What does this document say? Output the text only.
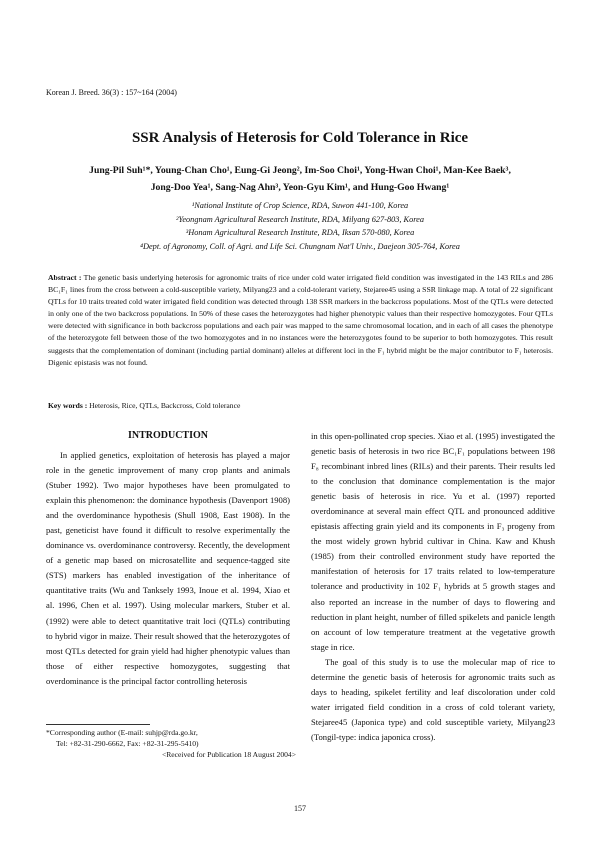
Korean J. Breed. 36(3) : 157~164 (2004)
SSR Analysis of Heterosis for Cold Tolerance in Rice
Jung-Pil Suh¹*, Young-Chan Cho¹, Eung-Gi Jeong², Im-Soo Choi¹, Yong-Hwan Choi¹, Man-Kee Baek³,
Jong-Doo Yea¹, Sang-Nag Ahn³, Yeon-Gyu Kim¹, and Hung-Goo Hwang¹
¹National Institute of Crop Science, RDA, Suwon 441-100, Korea
²Yeongnam Agricultural Research Institute, RDA, Milyang 627-803, Korea
³Honam Agricultural Research Institute, RDA, Iksan 570-080, Korea
⁴Dept. of Agronomy, Coll. of Agri. and Life Sci. Chungnam Nat'l Univ., Daejeon 305-764, Korea
Abstract : The genetic basis underlying heterosis for agronomic traits of rice under cold water irrigated field condition was investigated in the 143 RILs and 286 BC₁F₁ lines from the cross between a cold-susceptible variety, Milyang23 and a cold-tolerant variety, Stejaree45 using a SSR linkage map. A total of 22 significant QTLs for 10 traits treated cold water irrigated field condition was detected through 138 SSR markers in the backcross populations. Most of the QTLs were detected in only one of the two backcross populations. In 50% of these cases the heterozygotes had higher phenotypic values than their respective homozygotes. Four QTLs were detected with significance in both backcross populations and each pair was mapped to the same chromosomal location, and in each of all cases the phenotype of the heterozygote fell between those of the two homozygotes and in no instances were the heterozygotes found to be superior to both homozygotes. This result suggests that the complementation of dominant (including partial dominant) alleles at different loci in the F₁ hybrid might be the major contributor to F₁ heterosis. Digenic epistasis was not found.
Key words : Heterosis, Rice, QTLs, Backcross, Cold tolerance
INTRODUCTION

In applied genetics, exploitation of heterosis has played a major role in the genetic improvement of many crop plants and animals (Stuber 1992). Two major hypotheses have been promulgated to explain this phenomenon: the dominance hypothesis (Davenport 1908) and the overdominance hypothesis (Shull 1908, East 1908). In the past, geneticist have found it difficult to resolve experimentally the dominance vs. overdominance controversy. Recently, the development of a genetic map based on microsatellite and sequence-tagged site (STS) markers has enabled investigation of the inheritance of quantitative traits (Wu and Tanksely 1993, Inoue et al. 1994, Xiao et al. 1996, Chen et al. 1997). Using molecular markers, Stuber et al. (1992) were able to detect quantitative trait loci (QTLs) contributing to hybrid vigor in maize. Their result showed that the heterozygotes of most QTLs detected for grain yield had higher phenotypic values than those of either respective homozygotes, suggesting that overdominance is the principal factor controlling heterosis

in this open-pollinated crop species. Xiao et al. (1995) investigated the genetic basis of heterosis in two rice BC₁F₁ populations between 198 F₈ recombinant inbred lines (RILs) and their parents. Their results led to the conclusion that dominance complementation is the major genetic basis of heterosis in rice. Yu et al. (1997) reported overdominance at several main effect QTL and pronounced additive epistasis affecting grain yield and its components in F₃ progeny from the most widely grown hybrid cultivar in China. Kaw and Khush (1985) from their controlled environment study have reported the manifestation of heterosis for 17 traits related to low-temperature tolerance and productivity in 102 F₁ hybrids at 5 growth stages and also reported an increase in the number of days to flowering and reduction in plant height, number of filled spikelets and panicle length on account of low temperature treatment at the vegetative growth stage in rice.

The goal of this study is to use the molecular map of rice to determine the genetic basis of heterosis for agronomic traits such as days to heading, spikelet fertility and leaf discoloration under cold water irrigated field condition in a cross of cold tolerant variety, Stejaree45 (Japonica type) and cold susceptible variety, Milyang23 (Tongil-type: indica japonica cross).

*Corresponding author (E-mail: suhjp@rda.go.kr,
Tel: +82-31-290-6662, Fax: +82-31-295-5410)
<Received for Publication 18 August 2004>
157
